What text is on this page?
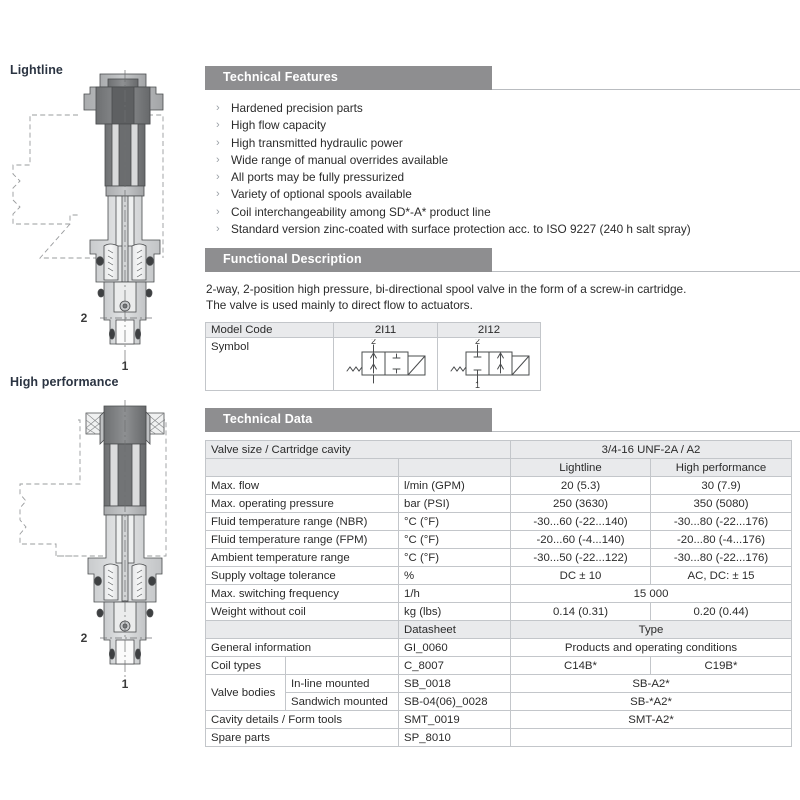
Lightline
2
1
High performance
2
1
Technical Features
› Hardened precision parts
› High flow capacity
› High transmitted hydraulic power
› Wide range of manual overrides available
› All ports may be fully pressurized
› Variety of optional spools available
› Coil interchangeability among SD*-A* product line
› Standard version zinc-coated with surface protection acc. to ISO 9227 (240 h salt spray)
Functional Description
2-way, 2-position high pressure, bi-directional spool valve in the form of a screw-in cartridge.
The valve is used mainly to direct flow to actuators.
Model Code	2I11	2I12
Symbol	2	2
1
Technical Data
Valve size / Cartridge cavity		3/4-16 UNF-2A / A2	
		Lightline	High performance
Max. flow	l/min (GPM)	20 (5.3)	30 (7.9)
Max. operating pressure	bar (PSI)	250 (3630)	350 (5080)
Fluid temperature range (NBR)	°C (°F)	-30...60 (-22...140)	-30...80 (-22...176)
Fluid temperature range (FPM)	°C (°F)	-20...60 (-4...140)	-20...80 (-4...176)
Ambient temperature range	°C (°F)	-30...50 (-22...122)	-30...80 (-22...176)
Supply voltage tolerance	%	DC ± 10	AC, DC: ± 15
Max. switching frequency	1/h	15 000	
Weight without coil	kg (lbs)	0.14 (0.31)	0.20 (0.44)
		Datasheet	Type	
General information		GI_0060	Products and operating conditions	
Coil types		C_8007	C14B*	C19B*
Valve bodies	In-line mounted	SB_0018	SB-A2*	
	Sandwich mounted	SB-04(06)_0028	SB-*A2*	
Cavity details / Form tools		SMT_0019	SMT-A2*	
Spare parts		SP_8010		
